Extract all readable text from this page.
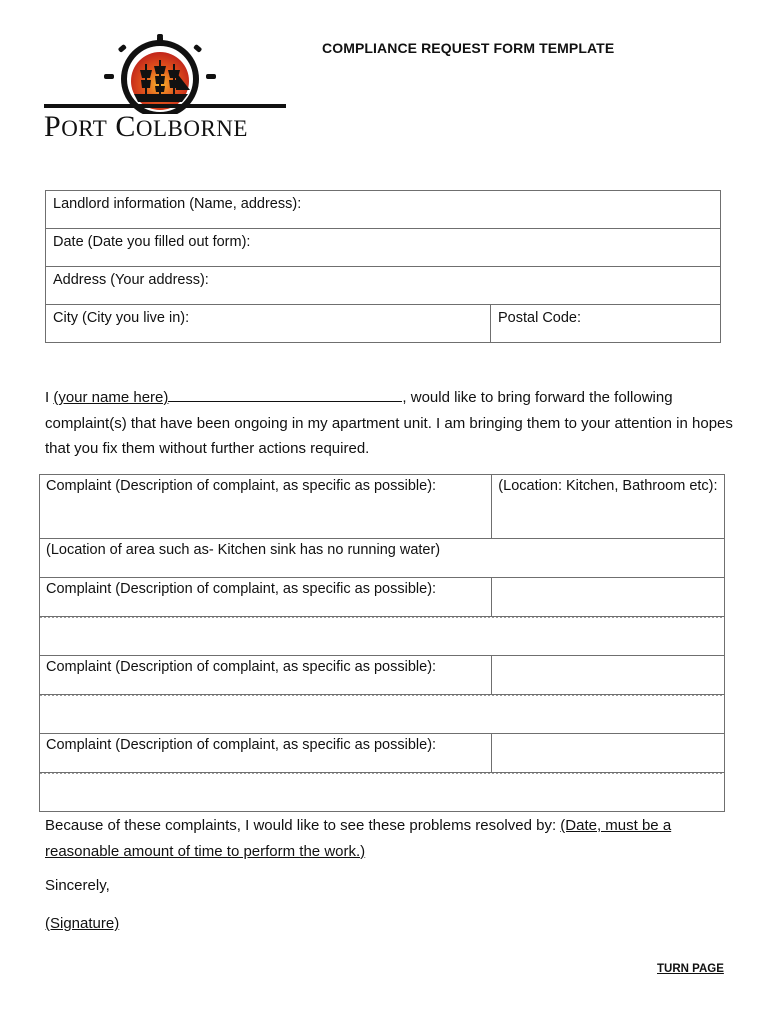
PORT COLBORNE
COMPLIANCE REQUEST FORM TEMPLATE
Landlord information (Name, address):
Date (Date you filled out form):
Address (Your address):
City (City you live in):	Postal Code:
I (your name here)	, would like to bring forward the following complaint(s) that have been ongoing in my apartment unit. I am bringing them to your attention in hopes that you fix them without further actions required.
Complaint (Description of complaint, as specific as possible):	(Location: Kitchen, Bathroom etc):
(Location of area such as- Kitchen sink has no running water)	
Complaint (Description of complaint, as specific as possible):	

Complaint (Description of complaint, as specific as possible):	

Complaint (Description of complaint, as specific as possible):	

Because of these complaints, I would like to see these problems resolved by: (Date, must be a reasonable amount of time to perform the work.)
Sincerely,
(Signature)
TURN PAGE
